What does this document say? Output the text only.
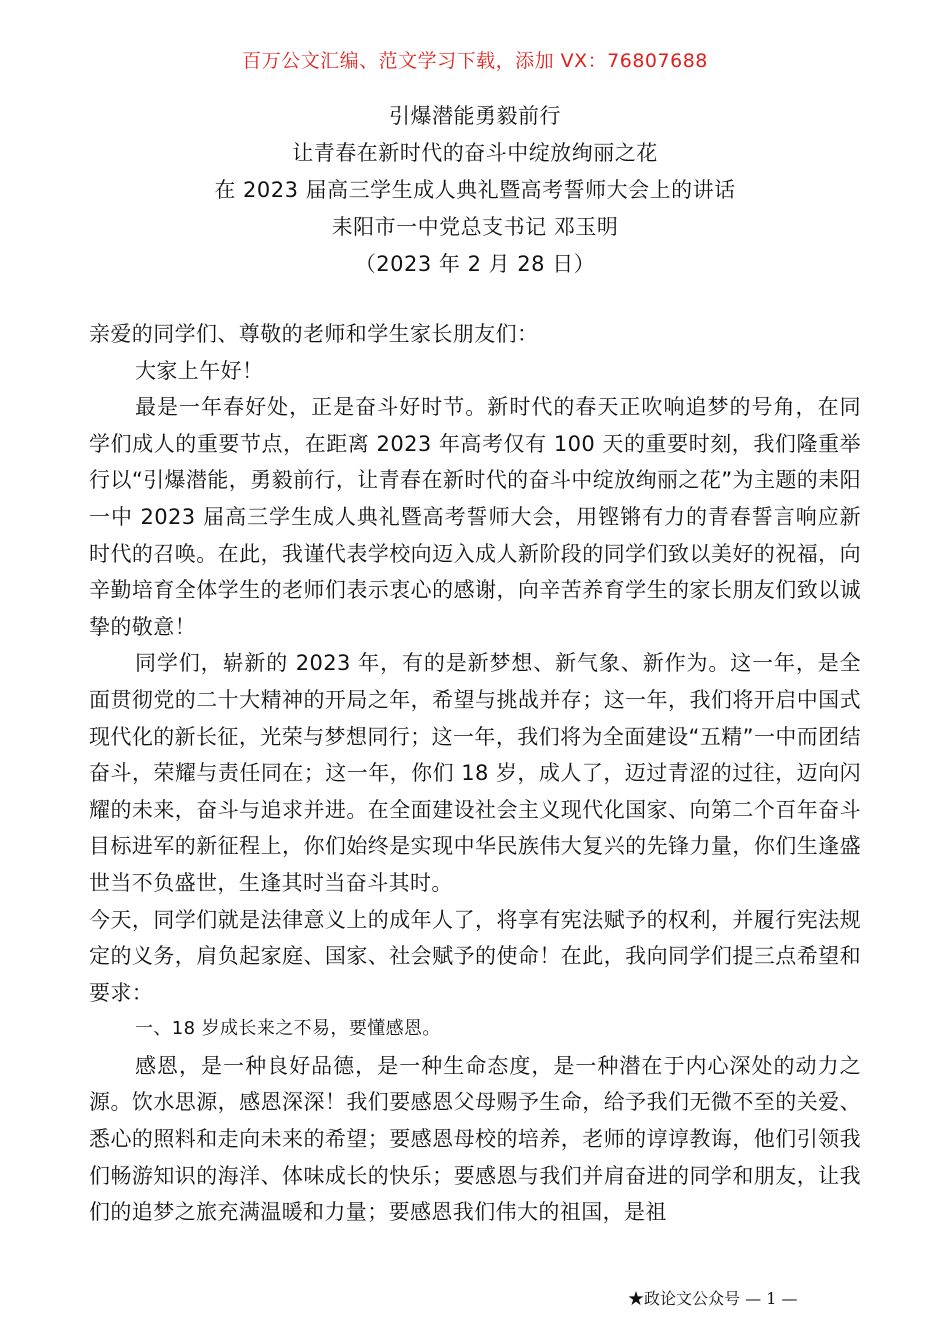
百万公文汇编、范文学习下载，添加 VX：76807688
引爆潜能勇毅前行
让青春在新时代的奋斗中绽放绚丽之花
在 2023 届高三学生成人典礼暨高考誓师大会上的讲话
耒阳市一中党总支书记 邓玉明
（2023 年 2 月 28 日）

亲爱的同学们、尊敬的老师和学生家长朋友们：

大家上午好！

最是一年春好处，正是奋斗好时节。新时代的春天正吹响追梦的号角，在同学们成人的重要节点，在距离 2023 年高考仅有 100 天的重要时刻，我们隆重举行以“引爆潜能，勇毅前行，让青春在新时代的奋斗中绽放绚丽之花”为主题的耒阳一中 2023 届高三学生成人典礼暨高考誓师大会，用铿锵有力的青春誓言响应新时代的召唤。在此，我谨代表学校向迈入成人新阶段的同学们致以美好的祝福，向辛勤培育全体学生的老师们表示衷心的感谢，向辛苦养育学生的家长朋友们致以诚挚的敬意！

同学们，崭新的 2023 年，有的是新梦想、新气象、新作为。这一年，是全面贯彻党的二十大精神的开局之年，希望与挑战并存；这一年，我们将开启中国式现代化的新长征，光荣与梦想同行；这一年，我们将为全面建设“五精”一中而团结奋斗，荣耀与责任同在；这一年，你们 18 岁，成人了，迈过青涩的过往，迈向闪耀的未来，奋斗与追求并进。在全面建设社会主义现代化国家、向第二个百年奋斗目标进军的新征程上，你们始终是实现中华民族伟大复兴的先锋力量，你们生逢盛世当不负盛世，生逢其时当奋斗其时。

今天，同学们就是法律意义上的成年人了，将享有宪法赋予的权利，并履行宪法规定的义务，肩负起家庭、国家、社会赋予的使命！在此，我向同学们提三点希望和要求：

一、18 岁成长来之不易，要懂感恩。

感恩，是一种良好品德，是一种生命态度，是一种潜在于内心深处的动力之源。饮水思源，感恩深深！我们要感恩父母赐予生命，给予我们无微不至的关爱、悉心的照料和走向未来的希望；要感恩母校的培养，老师的谆谆教诲，他们引领我们畅游知识的海洋、体味成长的快乐；要感恩与我们并肩奋进的同学和朋友，让我们的追梦之旅充满温暖和力量；要感恩我们伟大的祖国，是祖

★政论文公众号 — 1 —
